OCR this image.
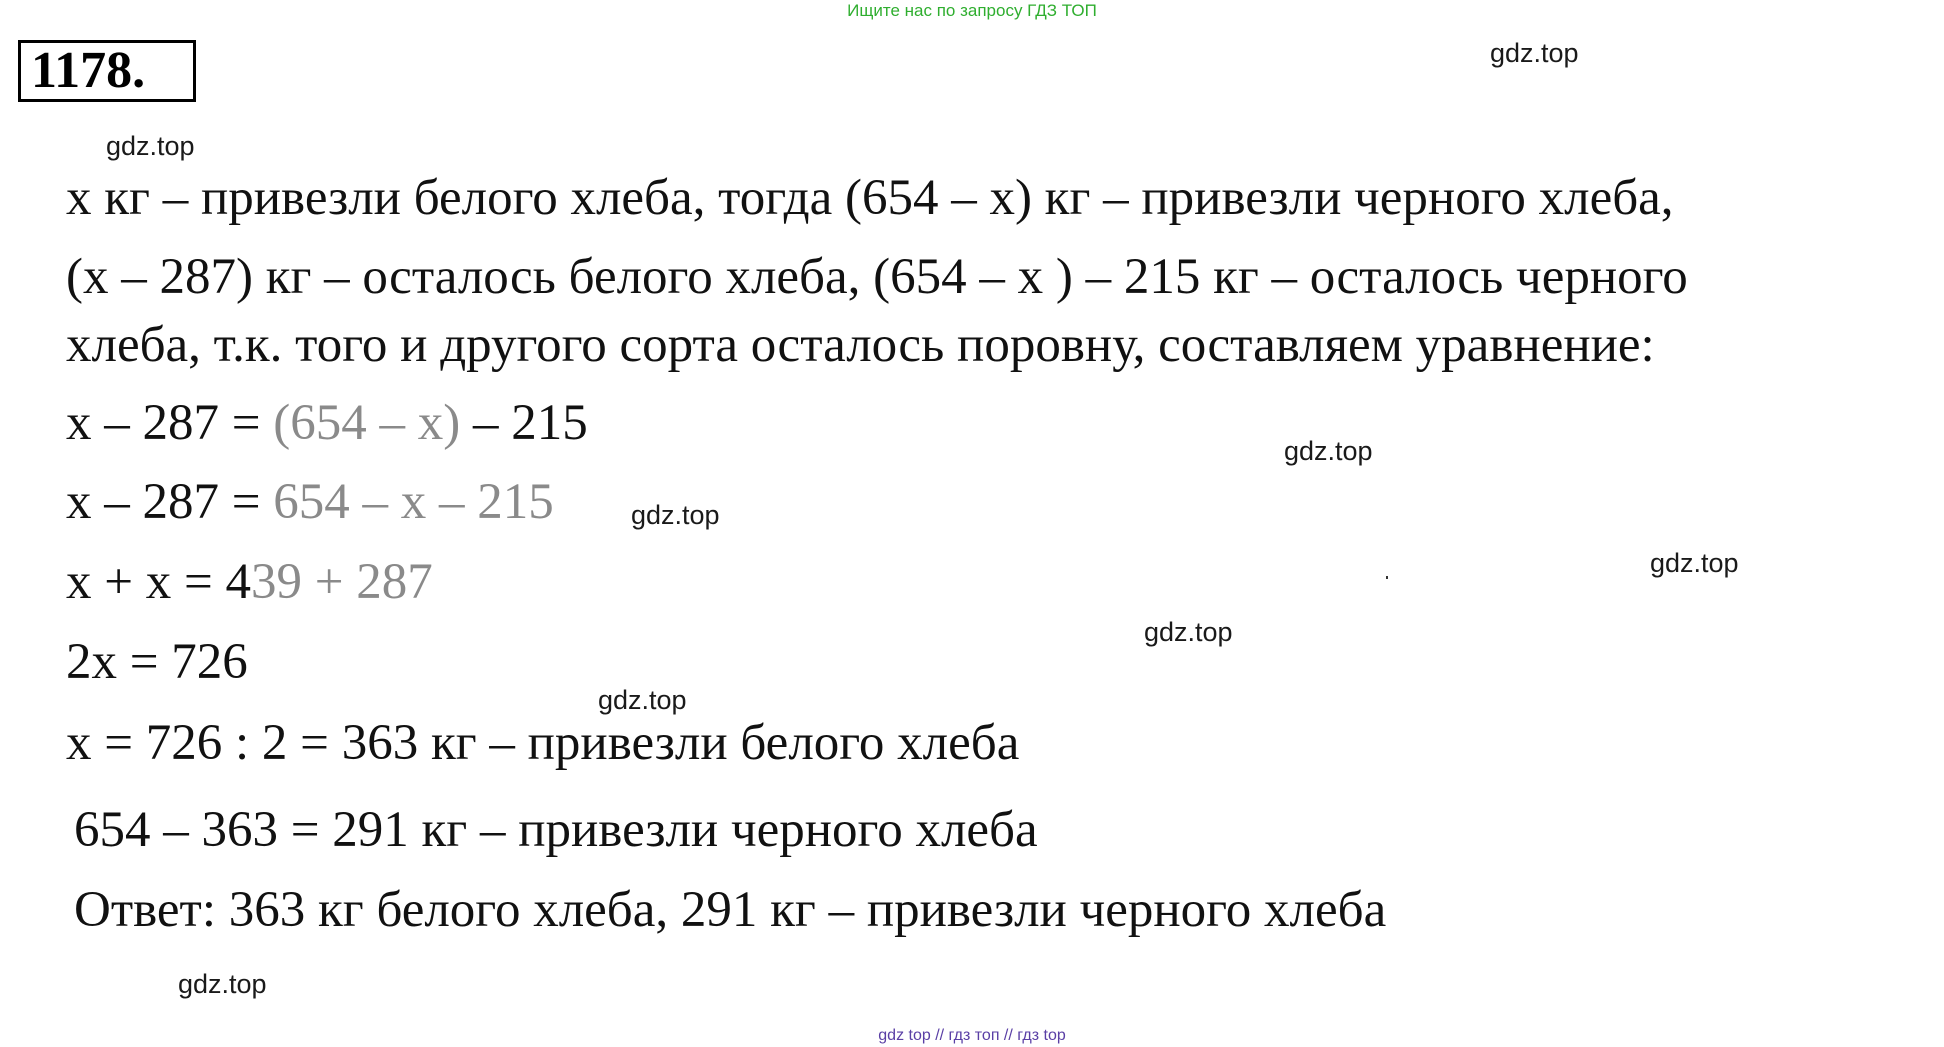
Ищите нас по запросу ГДЗ ТОП
1178.	gdz.top
gdz.top
gdz.top
gdz.top
gdz.top
gdz.top
gdz.top
gdz.top
x кг – привезли белого хлеба, тогда (654 – x) кг – привезли черного хлеба,
(x – 287) кг – осталось белого хлеба, (654 – x ) – 215 кг – осталось черного
хлеба, т.к. того и другого сорта осталось поровну, составляем уравнение:
x – 287 = (654 – x) – 215
x – 287 = 654 – x – 215
x + x = 439 + 287
2x = 726
x = 726 : 2 = 363 кг – привезли белого хлеба
654 – 363 = 291 кг – привезли черного хлеба
Ответ: 363 кг белого хлеба, 291 кг – привезли черного хлеба
gdz top // гдз топ // гдз top
